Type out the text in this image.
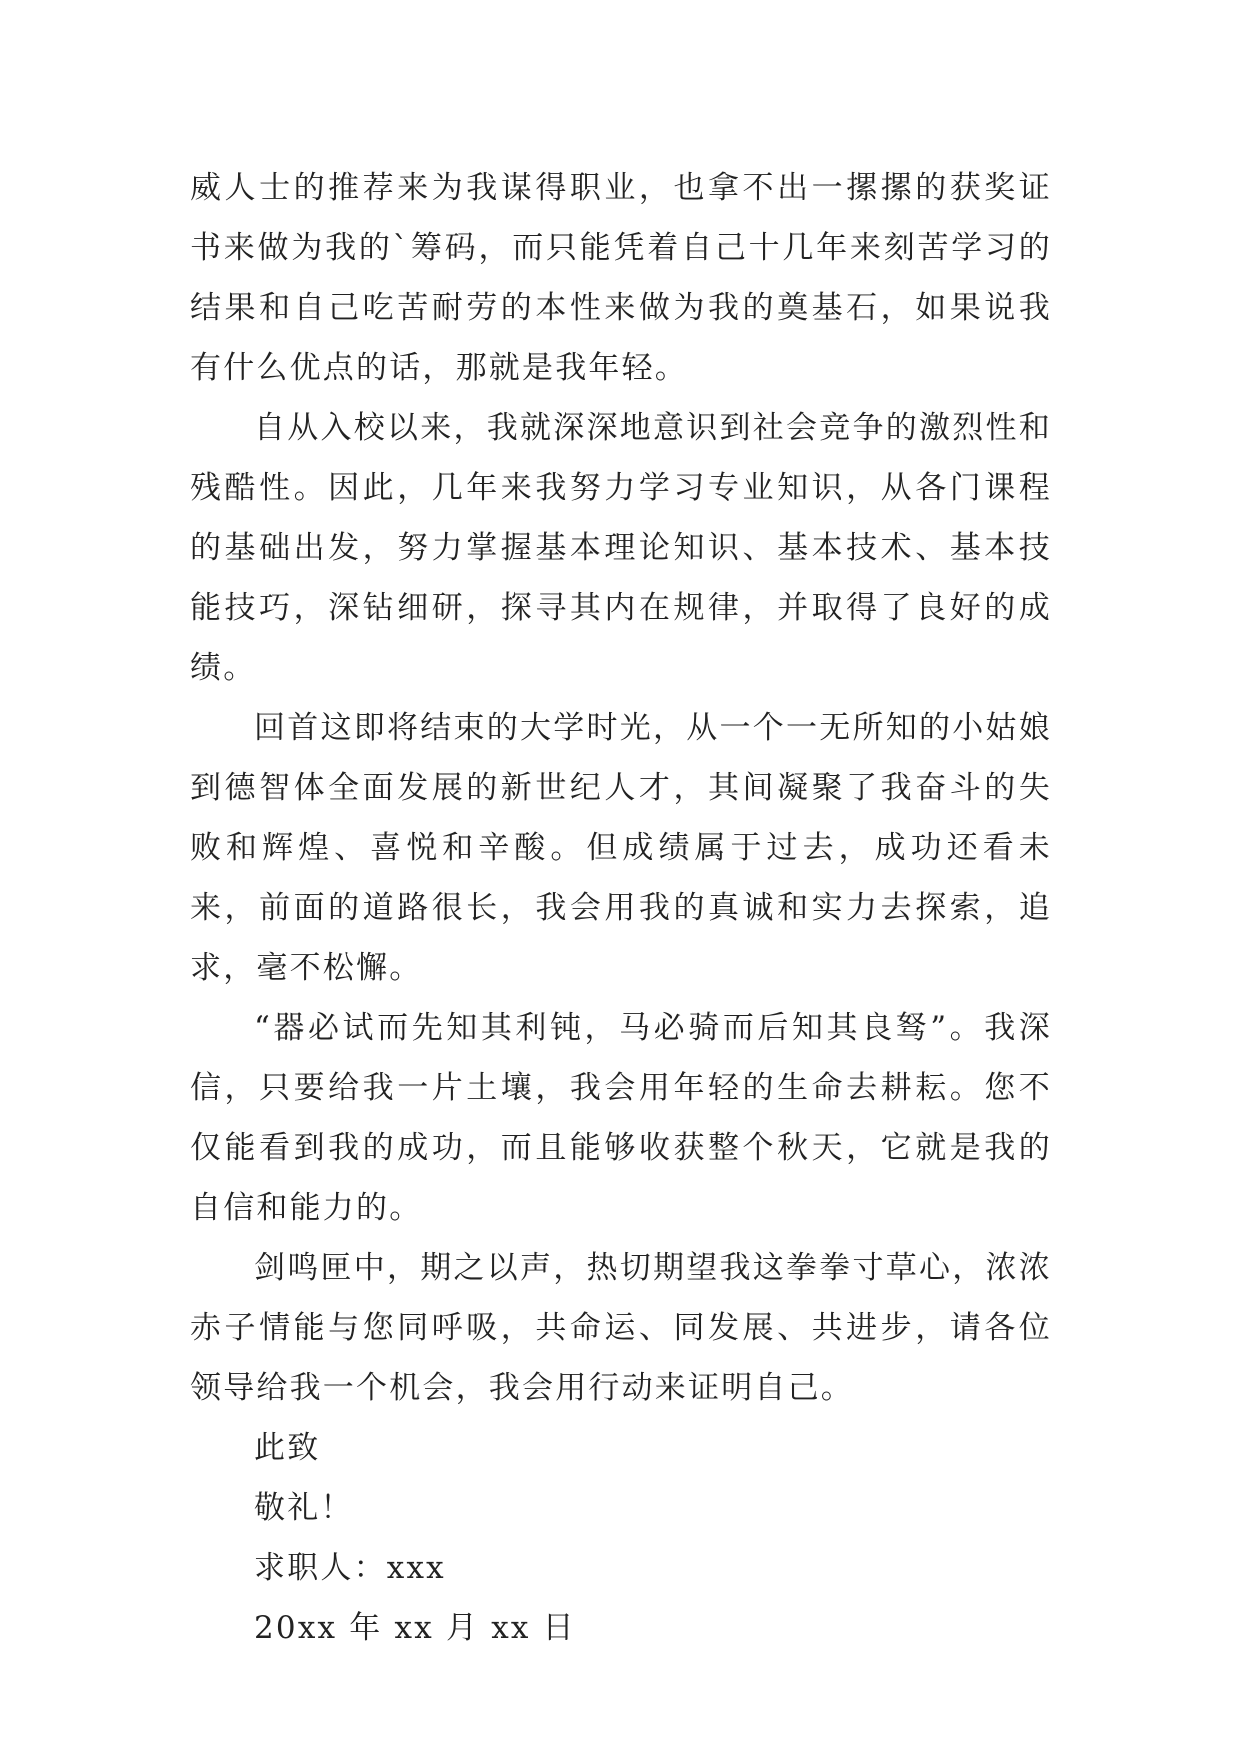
威人士的推荐来为我谋得职业，也拿不出一摞摞的获奖证书来做为我的`筹码，而只能凭着自己十几年来刻苦学习的结果和自己吃苦耐劳的本性来做为我的奠基石，如果说我有什么优点的话，那就是我年轻。

自从入校以来，我就深深地意识到社会竞争的激烈性和残酷性。因此，几年来我努力学习专业知识，从各门课程的基础出发，努力掌握基本理论知识、基本技术、基本技能技巧，深钻细研，探寻其内在规律，并取得了良好的成绩。

回首这即将结束的大学时光，从一个一无所知的小姑娘到德智体全面发展的新世纪人才，其间凝聚了我奋斗的失败和辉煌、喜悦和辛酸。但成绩属于过去，成功还看未来，前面的道路很长，我会用我的真诚和实力去探索，追求，毫不松懈。

“器必试而先知其利钝，马必骑而后知其良驽”。我深信，只要给我一片土壤，我会用年轻的生命去耕耘。您不仅能看到我的成功，而且能够收获整个秋天，它就是我的自信和能力的。

剑鸣匣中，期之以声，热切期望我这拳拳寸草心，浓浓赤子情能与您同呼吸，共命运、同发展、共进步，请各位领导给我一个机会，我会用行动来证明自己。

此致

敬礼！

求职人：xxx

20xx 年 xx 月 xx 日
